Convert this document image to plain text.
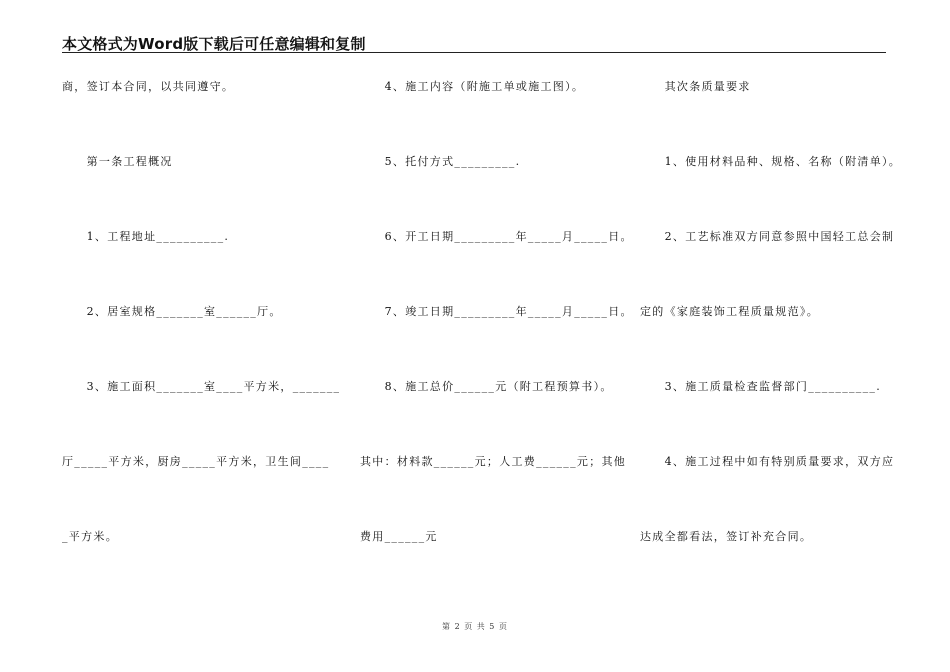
本文格式为Word版下载后可任意编辑和复制
商，签订本合同，以共同遵守。
　　第一条工程概况
　　1、工程地址__________.
　　2、居室规格_______室______厅。
　　3、施工面积_______室____平方米，_______
厅_____平方米，厨房_____平方米，卫生间____
_平方米。
　　4、施工内容（附施工单或施工图）。
　　5、托付方式_________.
　　6、开工日期_________年_____月_____日。
　　7、竣工日期_________年_____月_____日。
　　8、施工总价______元（附工程预算书）。
其中：材料款______元；人工费______元；其他
费用______元
　　其次条质量要求
　　1、使用材料品种、规格、名称（附清单）。
　　2、工艺标准双方同意参照中国轻工总会制
定的《家庭装饰工程质量规范》。
　　3、施工质量检查监督部门__________.
　　4、施工过程中如有特别质量要求，双方应
达成全都看法，签订补充合同。
第 2 页 共 5 页
